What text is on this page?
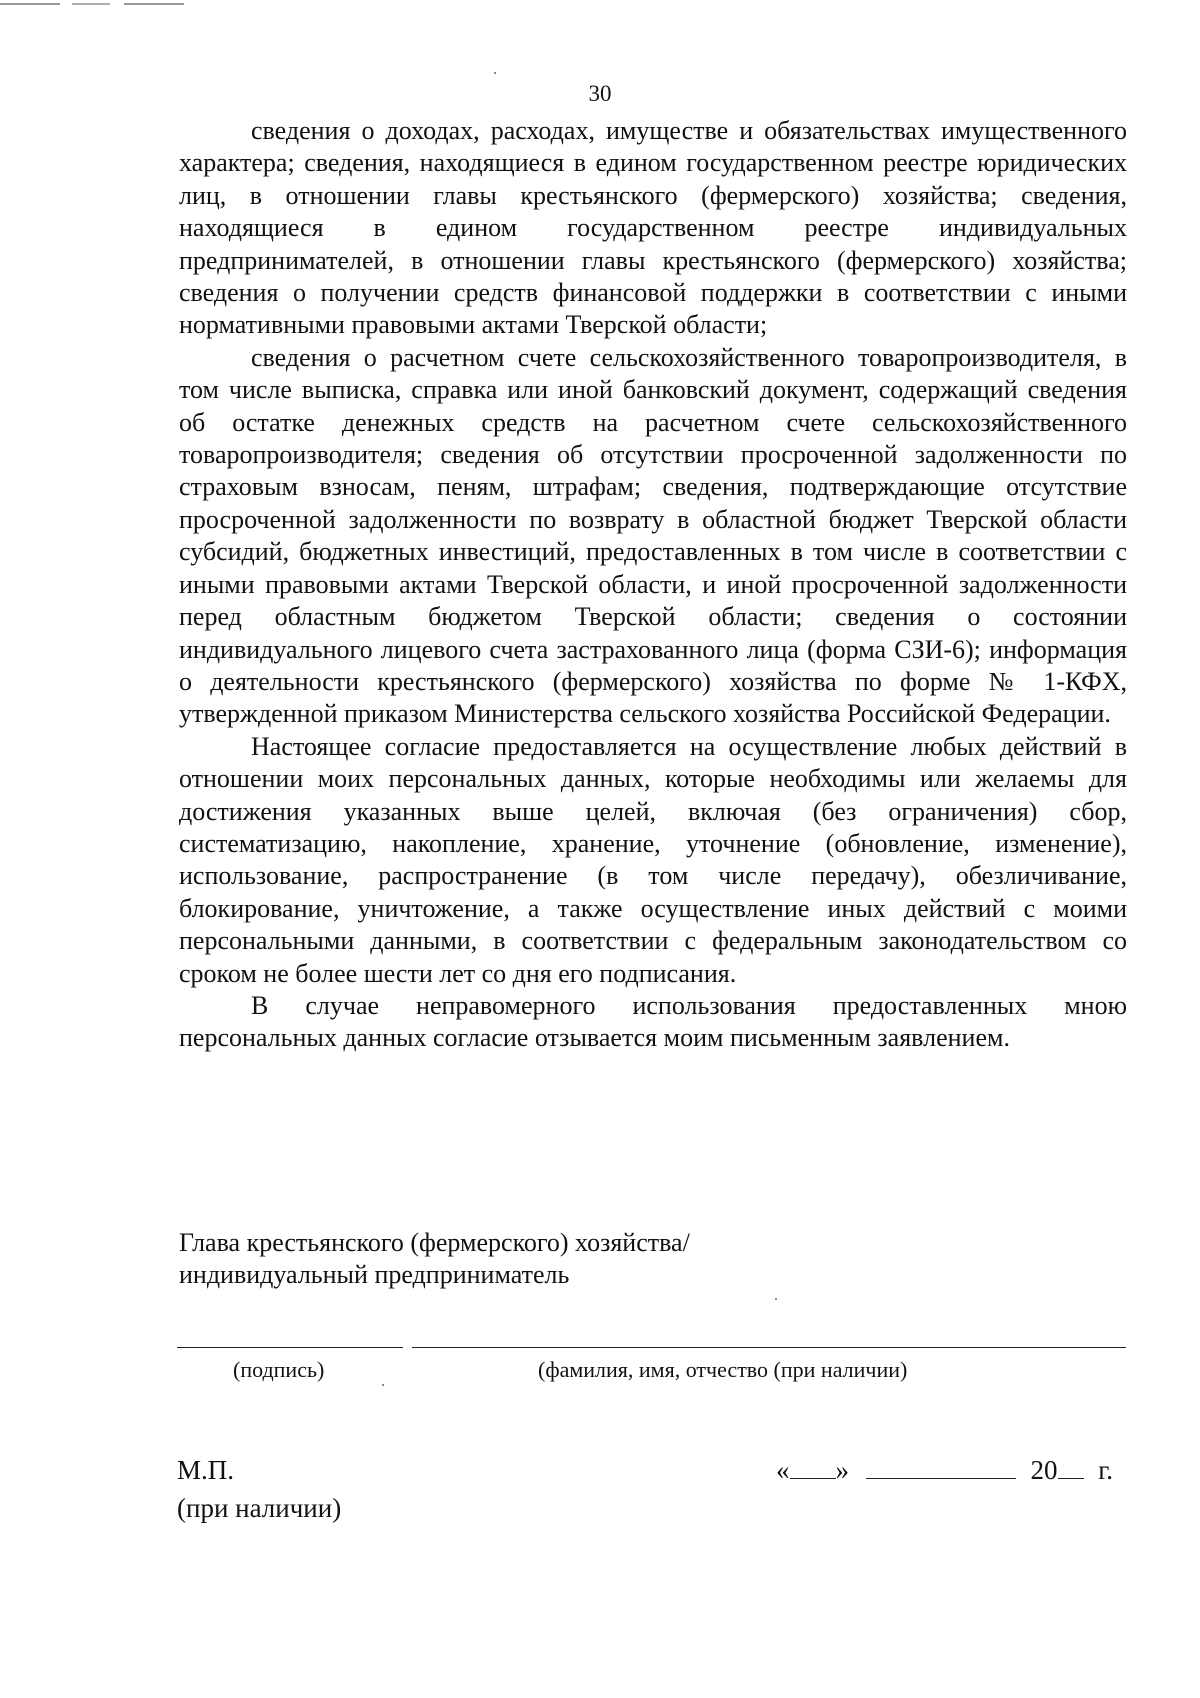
30

сведения о доходах, расходах, имуществе и обязательствах имущественного характера; сведения, находящиеся в едином государственном реестре юридических лиц, в отношении главы крестьянского (фермерского) хозяйства; сведения, находящиеся в едином государственном реестре индивидуальных предпринимателей, в отношении главы крестьянского (фермерского) хозяйства; сведения о получении средств финансовой поддержки в соответствии с иными нормативными правовыми актами Тверской области;

сведения о расчетном счете сельскохозяйственного товаропроизводителя, в том числе выписка, справка или иной банковский документ, содержащий сведения об остатке денежных средств на расчетном счете сельскохозяйственного товаропроизводителя; сведения об отсутствии просроченной задолженности по страховым взносам, пеням, штрафам; сведения, подтверждающие отсутствие просроченной задолженности по возврату в областной бюджет Тверской области субсидий, бюджетных инвестиций, предоставленных в том числе в соответствии с иными правовыми актами Тверской области, и иной просроченной задолженности перед областным бюджетом Тверской области; сведения о состоянии индивидуального лицевого счета застрахованного лица (форма СЗИ-6); информация о деятельности крестьянского (фермерского) хозяйства по форме № 1-КФХ, утвержденной приказом Министерства сельского хозяйства Российской Федерации.

Настоящее согласие предоставляется на осуществление любых действий в отношении моих персональных данных, которые необходимы или желаемы для достижения указанных выше целей, включая (без ограничения) сбор, систематизацию, накопление, хранение, уточнение (обновление, изменение), использование, распространение (в том числе передачу), обезличивание, блокирование, уничтожение, а также осуществление иных действий с моими персональными данными, в соответствии с федеральным законодательством со сроком не более шести лет со дня его подписания.

В случае неправомерного использования предоставленных мною персональных данных согласие отзывается моим письменным заявлением.

Глава крестьянского (фермерского) хозяйства/
индивидуальный предприниматель
(подпись)	(фамилия, имя, отчество (при наличии)
М.П.
(при наличии)
« »	20 г.
